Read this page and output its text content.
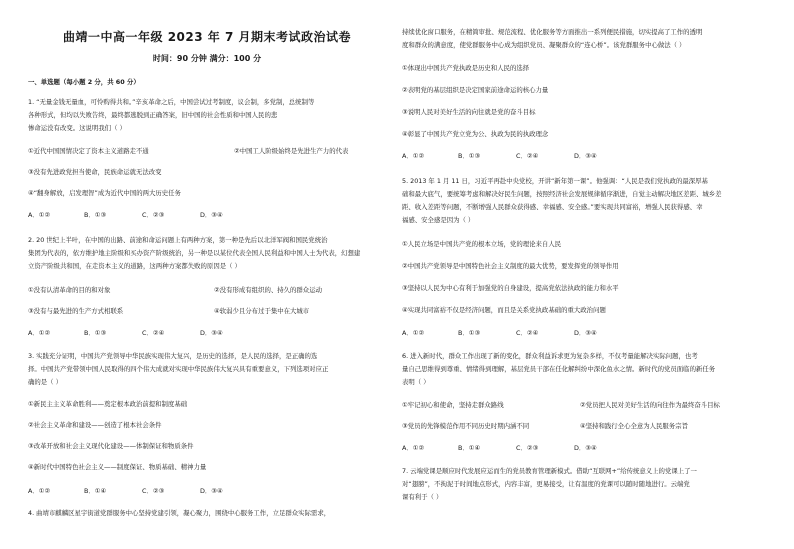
曲靖一中高一年级 2023 年 7 月期末考试政治试卷
时间：90 分钟 满分：100 分
一、单选题（每小题 2 分，共 60 分）
1. “无量金钱无量血，可怜购得共和。”辛亥革命之后，中国尝试过考制度，议会制，多党制，总统制等
各种形式，但均以失败告终，最终都逃脱到正确答案，旧中国的社会性质和中国人民的悲
惨命运没有改变。这说明我们（ ）
①近代中国国情决定了资本主义道路走不通	②中国工人阶级始终是先进生产力的代表
③没有先进政党担当使命，民族命运就无法改变
④“翻身解放，启发理智”成为近代中国的两大历史任务
A．①②	B．①③	C．②③	D．③④
2. 20 世纪上半叶，在中国的出路、前途和命运问题上有两种方案，第一种是先后以北洋军阀和国民党统治
集团为代表的，依方维护地主阶级和买办资产阶级统治，另一种是以某位代表全国人民利益和中国人士为代表，幻想建
立资产阶级共和国，在走资本主义的道路，这两种方案都失败的原因是（ ）
①没有认清革命的目的和对象	②没有形成有组织的、持久的群众运动
③没有与最先进的生产方式相联系	④软弱少且分布过于集中在大城市
A．①②	B．①③	C．②④	D．③④
3. 实践充分证明，中国共产党领导中华民族实现伟大复兴，是历史的选择，是人民的选择，是正确的选
择。中国共产党带领中国人民取得的四个伟大成就对实现中华民族伟大复兴具有重要意义，下列选项对应正
确的是（ ）
①新民主主义革命胜利——奠定根本政治前提和制度基础
②社会主义革命和建设——创造了根本社会条件
③改革开放和社会主义现代化建设——体制保证和物质条件
④新时代中国特色社会主义——制度保证、物质基础、精神力量
A．①②	B．①④	C．②③	D．③④
4. 曲靖市麒麟区星宇街道党群服务中心坚持党建引领，凝心聚力，围绕中心服务工作，立足群众实际需求，
持续优化窗口服务，在精简审批、规范流程、优化服务等方面推出一系列便民措施，切实提高了工作的透明
度和群众的满意度，使党群服务中心成为组织党员、凝聚群众的“连心桥”。该党群服务中心做法（ ）
①体现出中国共产党执政是历史和人民的选择
②表明党的基层组织是决定国家前途命运的核心力量
③说明人民对美好生活的向往就是党的奋斗目标
④彰显了中国共产党立党为公、执政为民的执政理念
A．①②	B．①③	C．②④	D．③④
5. 2013 年 1 月 11 日，习近平再赴中央党校，开讲“新年第一课”。他强调：“人民是我们党执政的最深厚基
础和最大底气，要统筹考虑和解决好民生问题，按照经济社会发展规律循序渐进，自觉主动解决地区差距、城乡差
距、收入差距等问题，不断增强人民群众获得感、幸福感、安全感。”要实现共同富裕，增强人民获得感、幸
福感、安全感是因为（ ）
①人民立场是中国共产党的根本立场，党的理论来自人民
②中国共产党领导是中国特色社会主义制度的最大优势，要发挥党的领导作用
③坚持以人民为中心有利于加强党的自身建设，提高党依法执政的能力和水平
④实现共同富裕不仅是经济问题，而且是关系党执政基础的重大政治问题
A．①②	B．①③	C．②④	D．③④
6. 进入新时代，群众工作出现了新的变化，群众利益诉求更为复杂多样，不仅考量能解决实际问题，也考
量自己思维得到尊重、情绪得到理解，基层党员干部在任化解纠纷中深化鱼水之情。新时代的党员面临的新任务
表明（ ）
①牢记初心和使命，坚持走群众路线	②党员把人民对美好生活的向往作为最终奋斗目标
③党员的先锋模范作用不同历史时期内涵不同	④坚持和践行全心全意为人民服务宗旨
A．①②	B．①④	C．②③	D．③④
7. 云端党课是顺应时代发展应运而生的党员教育管理新模式。借助“互联网+”给传统意义上的党课上了一
对“翅膀”，不拘泥于时间地点形式，内容丰富，更易接受，让有温度的党课可以随时随地进行。云端党
课有利于（ ）
